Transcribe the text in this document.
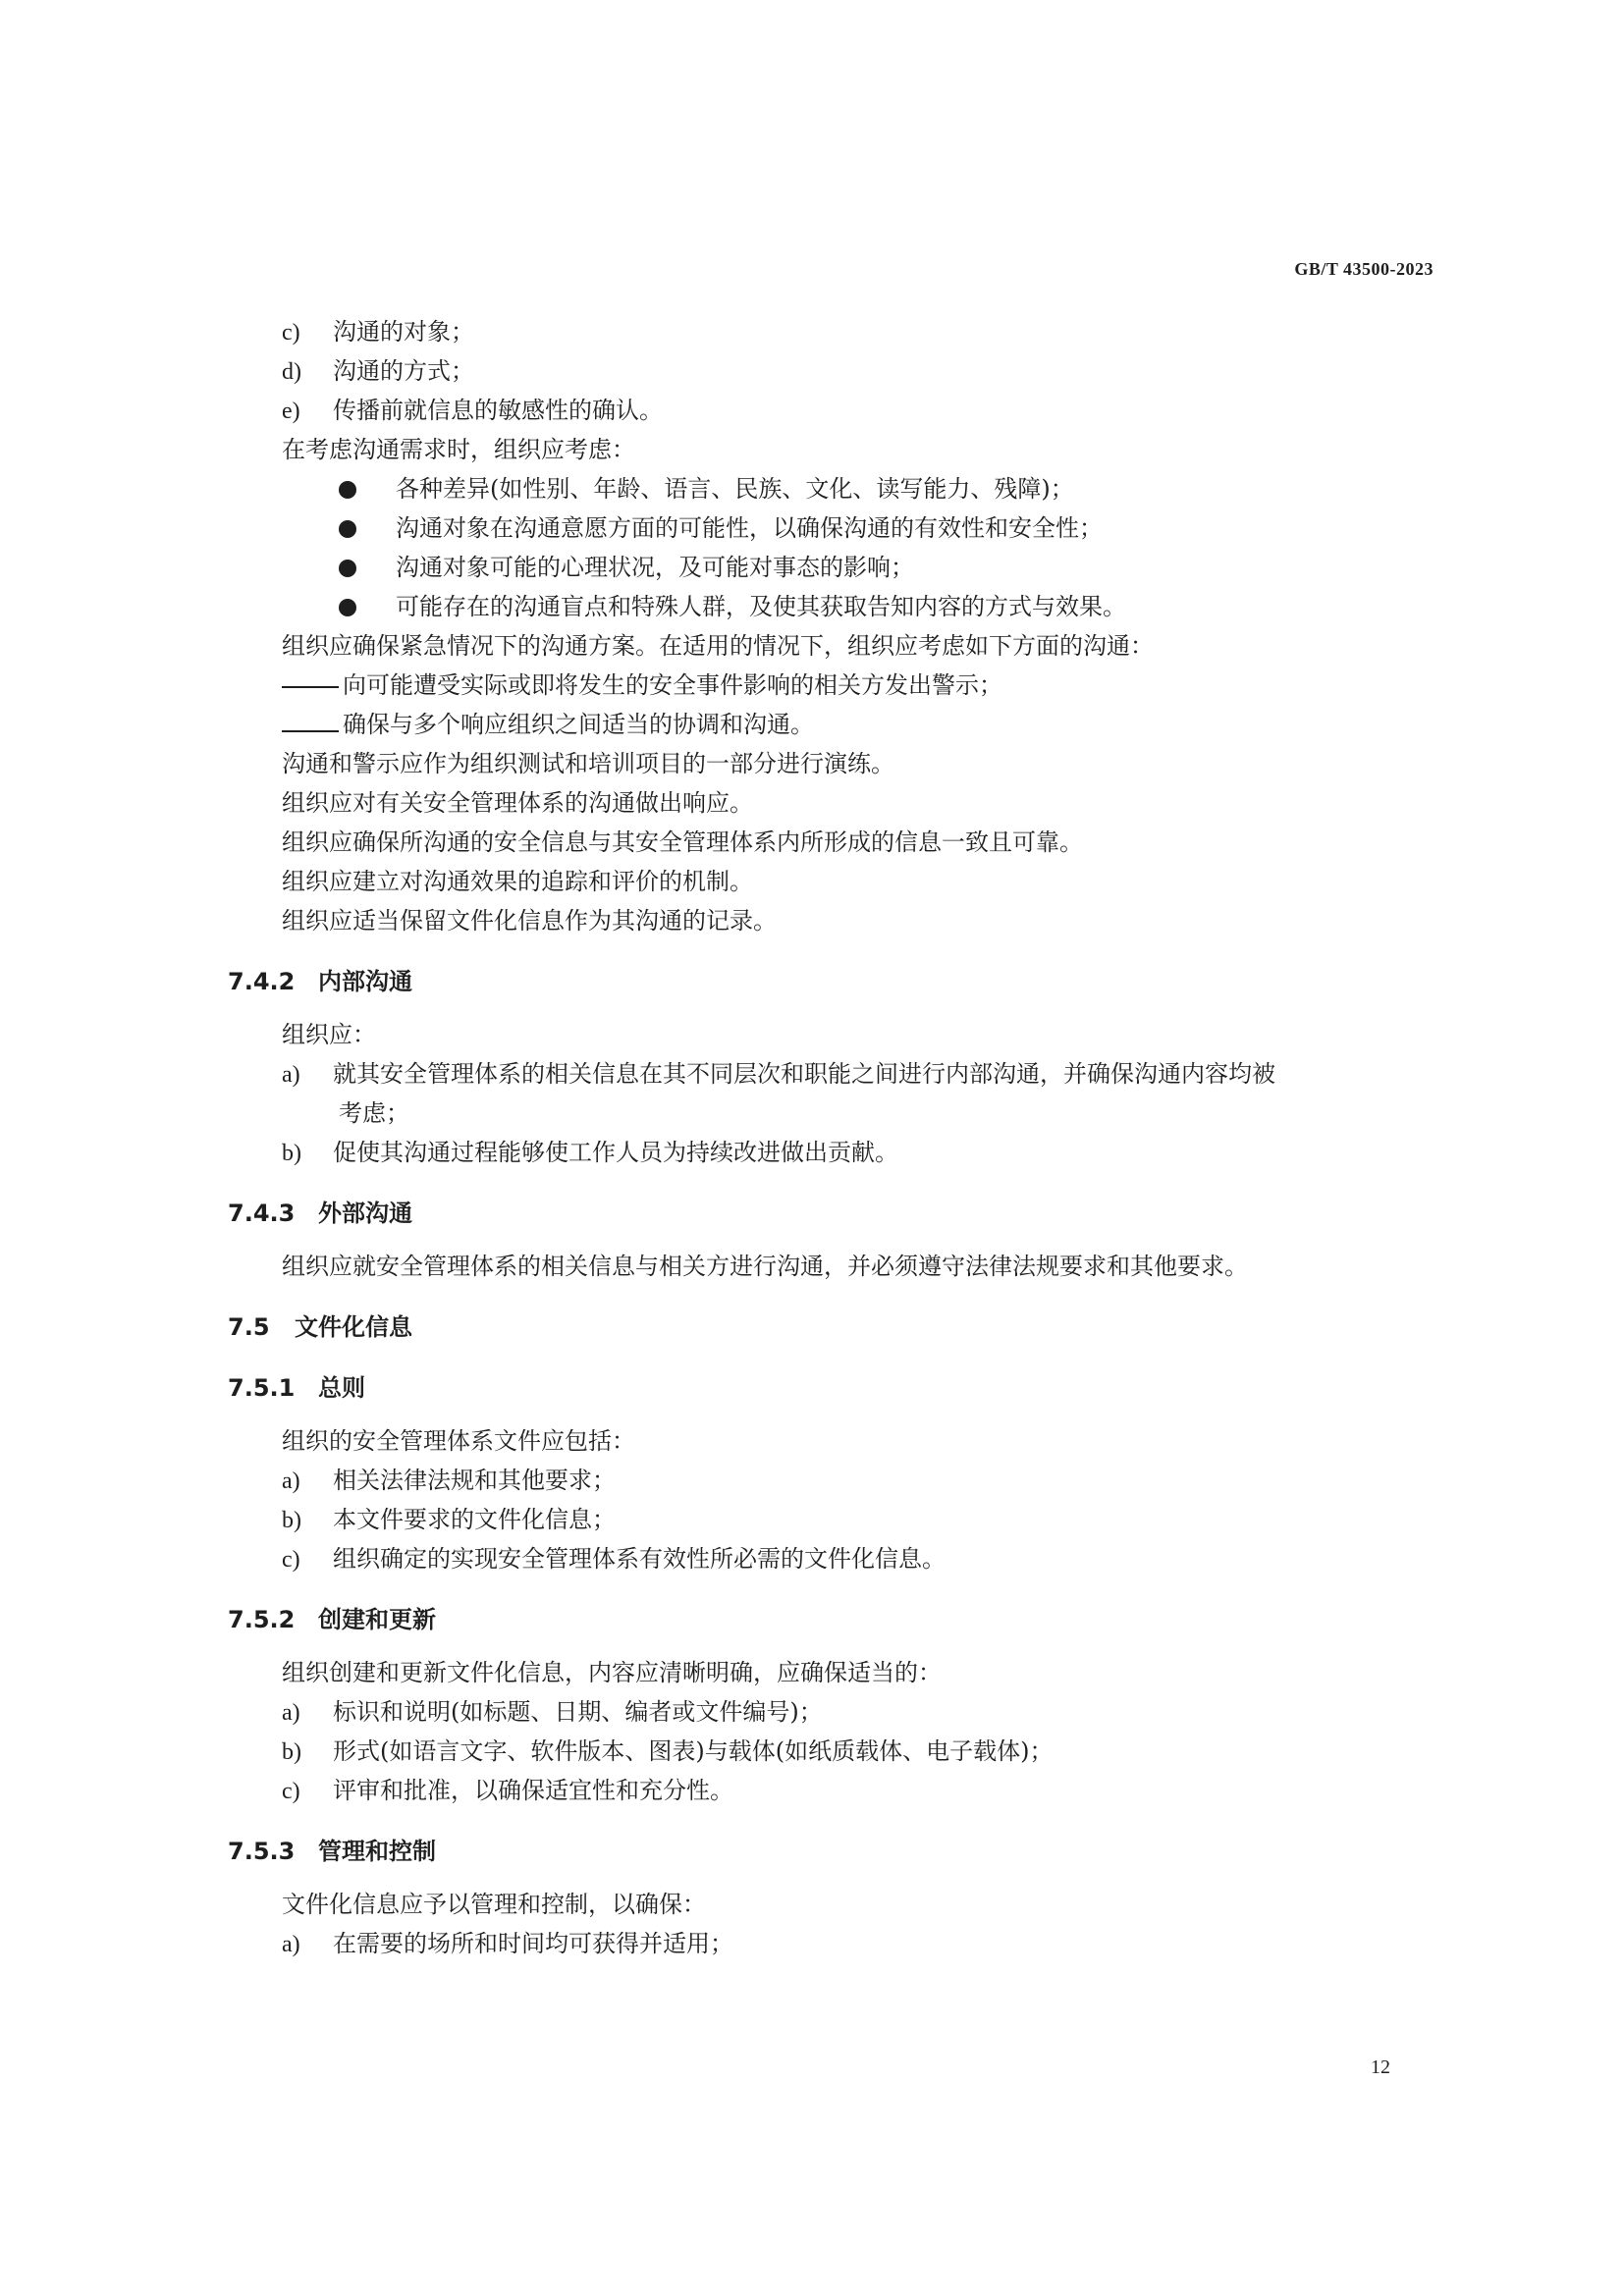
GB/T 43500-2023
c) 沟通的对象；
d) 沟通的方式；
e) 传播前就信息的敏感性的确认。
在考虑沟通需求时，组织应考虑：
各种差异(如性别、年龄、语言、民族、文化、读写能力、残障)；
沟通对象在沟通意愿方面的可能性，以确保沟通的有效性和安全性；
沟通对象可能的心理状况，及可能对事态的影响；
可能存在的沟通盲点和特殊人群，及使其获取告知内容的方式与效果。
组织应确保紧急情况下的沟通方案。在适用的情况下，组织应考虑如下方面的沟通：
向可能遭受实际或即将发生的安全事件影响的相关方发出警示；
确保与多个响应组织之间适当的协调和沟通。
沟通和警示应作为组织测试和培训项目的一部分进行演练。
组织应对有关安全管理体系的沟通做出响应。
组织应确保所沟通的安全信息与其安全管理体系内所形成的信息一致且可靠。
组织应建立对沟通效果的追踪和评价的机制。
组织应适当保留文件化信息作为其沟通的记录。
7.4.2 内部沟通
组织应：
a) 就其安全管理体系的相关信息在其不同层次和职能之间进行内部沟通，并确保沟通内容均被
考虑；
b) 促使其沟通过程能够使工作人员为持续改进做出贡献。
7.4.3 外部沟通
组织应就安全管理体系的相关信息与相关方进行沟通，并必须遵守法律法规要求和其他要求。
7.5 文件化信息
7.5.1 总则
组织的安全管理体系文件应包括：
a) 相关法律法规和其他要求；
b) 本文件要求的文件化信息；
c) 组织确定的实现安全管理体系有效性所必需的文件化信息。
7.5.2 创建和更新
组织创建和更新文件化信息，内容应清晰明确，应确保适当的：
a) 标识和说明(如标题、日期、编者或文件编号)；
b) 形式(如语言文字、软件版本、图表)与载体(如纸质载体、电子载体)；
c) 评审和批准，以确保适宜性和充分性。
7.5.3 管理和控制
文件化信息应予以管理和控制，以确保：
a) 在需要的场所和时间均可获得并适用；
12
